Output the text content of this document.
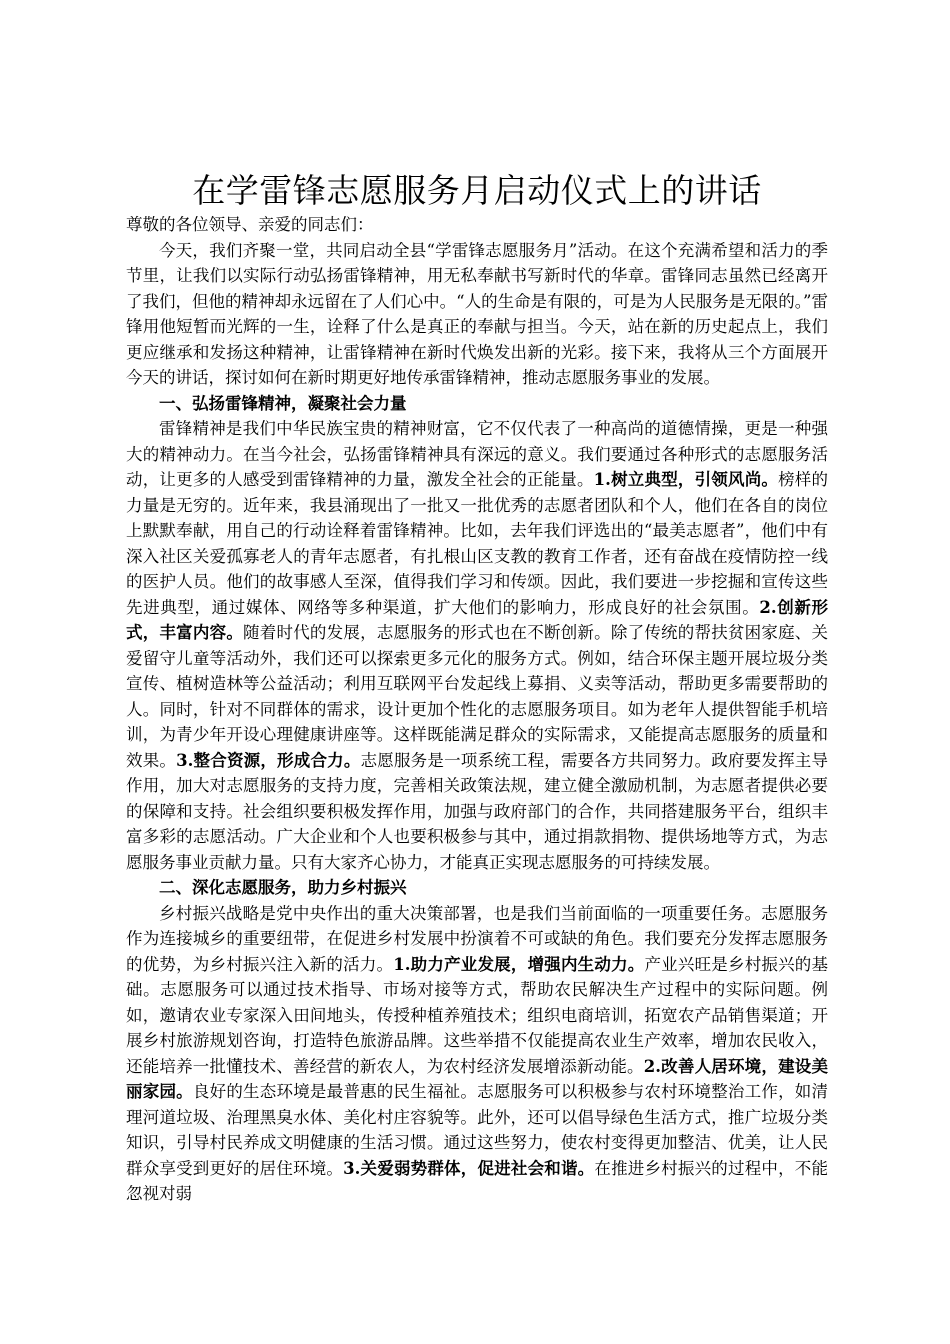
在学雷锋志愿服务月启动仪式上的讲话

尊敬的各位领导、亲爱的同志们：

今天，我们齐聚一堂，共同启动全县“学雷锋志愿服务月”活动。在这个充满希望和活力的季节里，让我们以实际行动弘扬雷锋精神，用无私奉献书写新时代的华章。雷锋同志虽然已经离开了我们，但他的精神却永远留在了人们心中。“人的生命是有限的，可是为人民服务是无限的。”雷锋用他短暂而光辉的一生，诠释了什么是真正的奉献与担当。今天，站在新的历史起点上，我们更应继承和发扬这种精神，让雷锋精神在新时代焕发出新的光彩。接下来，我将从三个方面展开今天的讲话，探讨如何在新时期更好地传承雷锋精神，推动志愿服务事业的发展。

一、弘扬雷锋精神，凝聚社会力量

雷锋精神是我们中华民族宝贵的精神财富，它不仅代表了一种高尚的道德情操，更是一种强大的精神动力。在当今社会，弘扬雷锋精神具有深远的意义。我们要通过各种形式的志愿服务活动，让更多的人感受到雷锋精神的力量，激发全社会的正能量。1.树立典型，引领风尚。榜样的力量是无穷的。近年来，我县涌现出了一批又一批优秀的志愿者团队和个人，他们在各自的岗位上默默奉献，用自己的行动诠释着雷锋精神。比如，去年我们评选出的“最美志愿者”，他们中有深入社区关爱孤寡老人的青年志愿者，有扎根山区支教的教育工作者，还有奋战在疫情防控一线的医护人员。他们的故事感人至深，值得我们学习和传颂。因此，我们要进一步挖掘和宣传这些先进典型，通过媒体、网络等多种渠道，扩大他们的影响力，形成良好的社会氛围。2.创新形式，丰富内容。随着时代的发展，志愿服务的形式也在不断创新。除了传统的帮扶贫困家庭、关爱留守儿童等活动外，我们还可以探索更多元化的服务方式。例如，结合环保主题开展垃圾分类宣传、植树造林等公益活动；利用互联网平台发起线上募捐、义卖等活动，帮助更多需要帮助的人。同时，针对不同群体的需求，设计更加个性化的志愿服务项目。如为老年人提供智能手机培训，为青少年开设心理健康讲座等。这样既能满足群众的实际需求，又能提高志愿服务的质量和效果。3.整合资源，形成合力。志愿服务是一项系统工程，需要各方共同努力。政府要发挥主导作用，加大对志愿服务的支持力度，完善相关政策法规，建立健全激励机制，为志愿者提供必要的保障和支持。社会组织要积极发挥作用，加强与政府部门的合作，共同搭建服务平台，组织丰富多彩的志愿活动。广大企业和个人也要积极参与其中，通过捐款捐物、提供场地等方式，为志愿服务事业贡献力量。只有大家齐心协力，才能真正实现志愿服务的可持续发展。

二、深化志愿服务，助力乡村振兴

乡村振兴战略是党中央作出的重大决策部署，也是我们当前面临的一项重要任务。志愿服务作为连接城乡的重要纽带，在促进乡村发展中扮演着不可或缺的角色。我们要充分发挥志愿服务的优势，为乡村振兴注入新的活力。1.助力产业发展，增强内生动力。产业兴旺是乡村振兴的基础。志愿服务可以通过技术指导、市场对接等方式，帮助农民解决生产过程中的实际问题。例如，邀请农业专家深入田间地头，传授种植养殖技术；组织电商培训，拓宽农产品销售渠道；开展乡村旅游规划咨询，打造特色旅游品牌。这些举措不仅能提高农业生产效率，增加农民收入，还能培养一批懂技术、善经营的新农人，为农村经济发展增添新动能。2.改善人居环境，建设美丽家园。良好的生态环境是最普惠的民生福祉。志愿服务可以积极参与农村环境整治工作，如清理河道垃圾、治理黑臭水体、美化村庄容貌等。此外，还可以倡导绿色生活方式，推广垃圾分类知识，引导村民养成文明健康的生活习惯。通过这些努力，使农村变得更加整洁、优美，让人民群众享受到更好的居住环境。3.关爱弱势群体，促进社会和谐。在推进乡村振兴的过程中，不能忽视对弱
